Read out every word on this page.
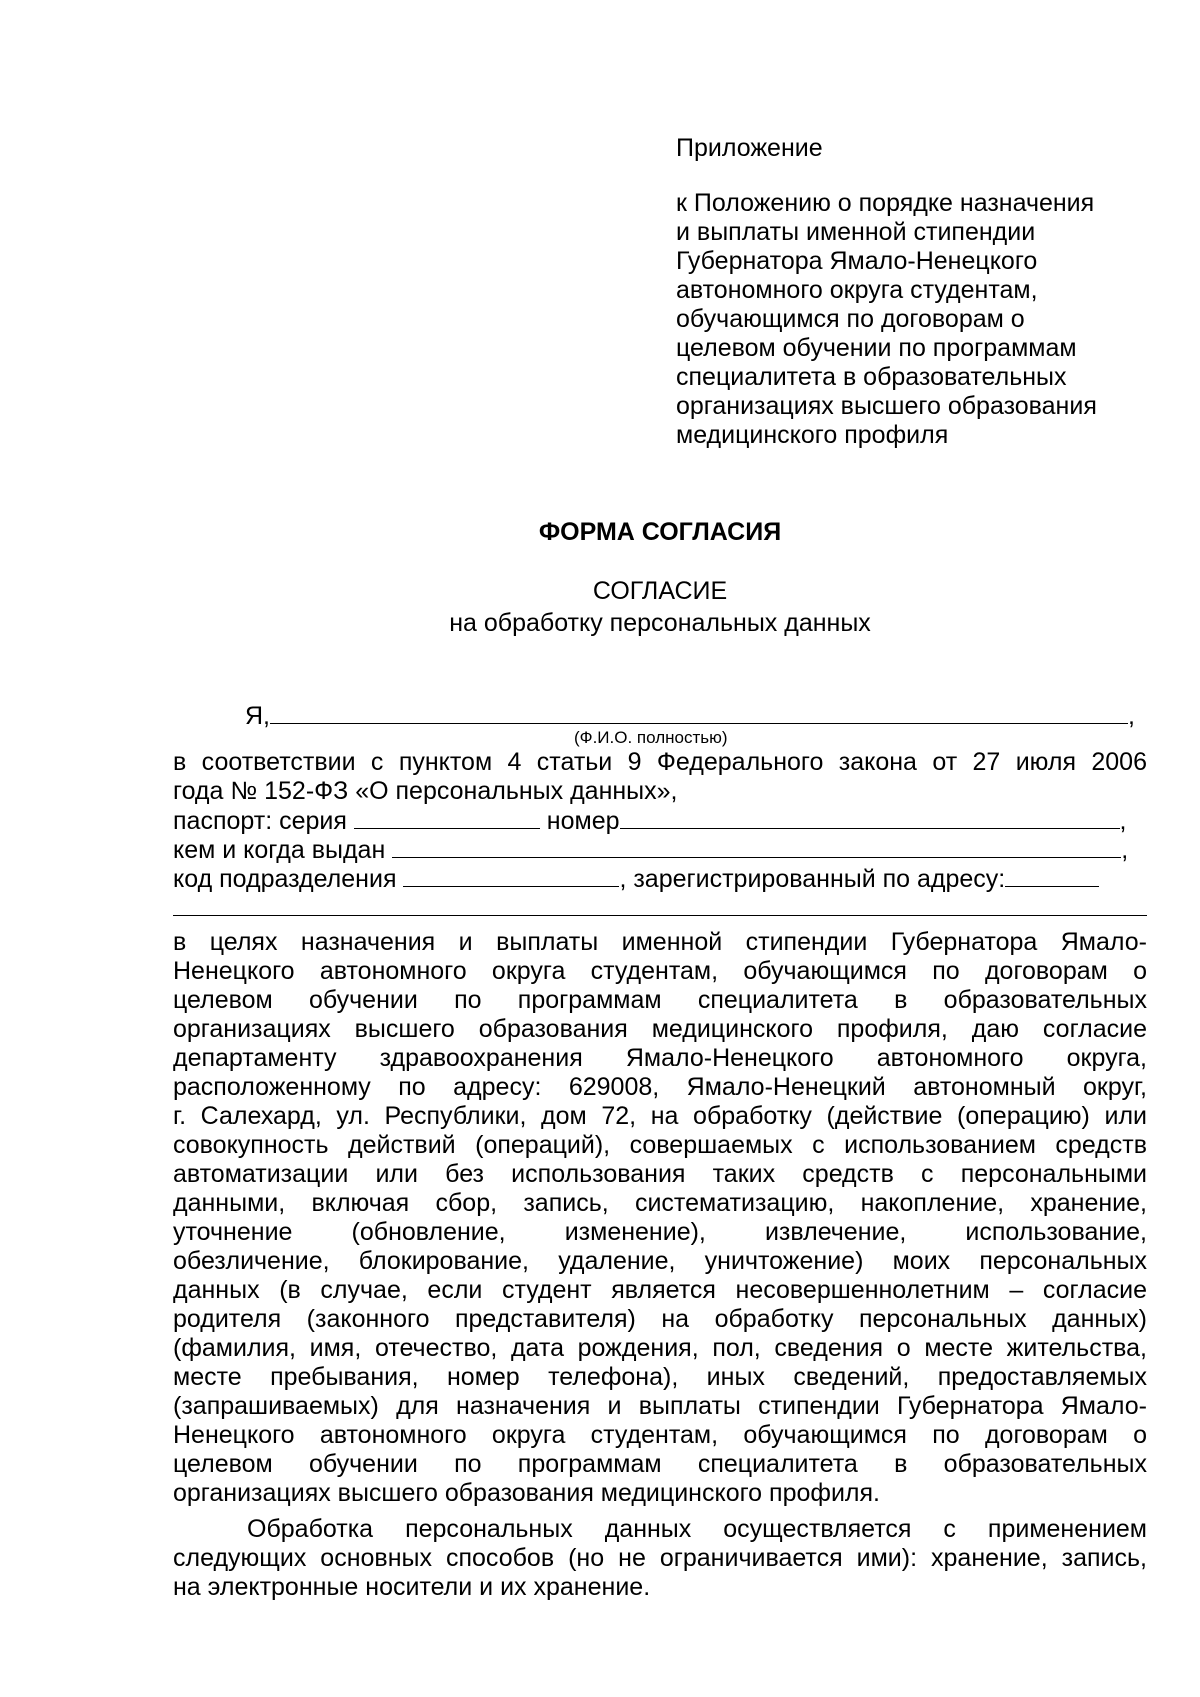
Приложение
к Положению о порядке назначения
и выплаты именной стипендии
Губернатора Ямало-Ненецкого
автономного округа студентам,
обучающимся по договорам о
целевом обучении по программам
специалитета в образовательных
организациях высшего образования
медицинского профиля
ФОРМА СОГЛАСИЯ
СОГЛАСИЕ
на обработку персональных данных
Я,	,
(Ф.И.О. полностью)
в соответствии с пунктом 4 статьи 9 Федерального закона от 27 июля 2006
года № 152-ФЗ «О персональных данных»,
паспорт: серия	номер	,
кем и когда выдан	,
код подразделения	, зарегистрированный по адресу:
в целях назначения и выплаты именной стипендии Губернатора Ямало-
Ненецкого автономного округа студентам, обучающимся по договорам о
целевом обучении по программам специалитета в образовательных
организациях высшего образования медицинского профиля, даю согласие
департаменту здравоохранения Ямало-Ненецкого автономного округа,
расположенному по адресу: 629008, Ямало-Ненецкий автономный округ,
г. Салехард, ул. Республики, дом 72, на обработку (действие (операцию) или
совокупность действий (операций), совершаемых с использованием средств
автоматизации или без использования таких средств с персональными
данными, включая сбор, запись, систематизацию, накопление, хранение,
уточнение (обновление, изменение), извлечение, использование,
обезличение, блокирование, удаление, уничтожение) моих персональных
данных (в случае, если студент является несовершеннолетним – согласие
родителя (законного представителя) на обработку персональных данных)
(фамилия, имя, отечество, дата рождения, пол, сведения о месте жительства,
месте пребывания, номер телефона), иных сведений, предоставляемых
(запрашиваемых) для назначения и выплаты стипендии Губернатора Ямало-
Ненецкого автономного округа студентам, обучающимся по договорам о
целевом обучении по программам специалитета в образовательных
организациях высшего образования медицинского профиля.
Обработка персональных данных осуществляется с применением
следующих основных способов (но не ограничивается ими): хранение, запись,
на электронные носители и их хранение.
